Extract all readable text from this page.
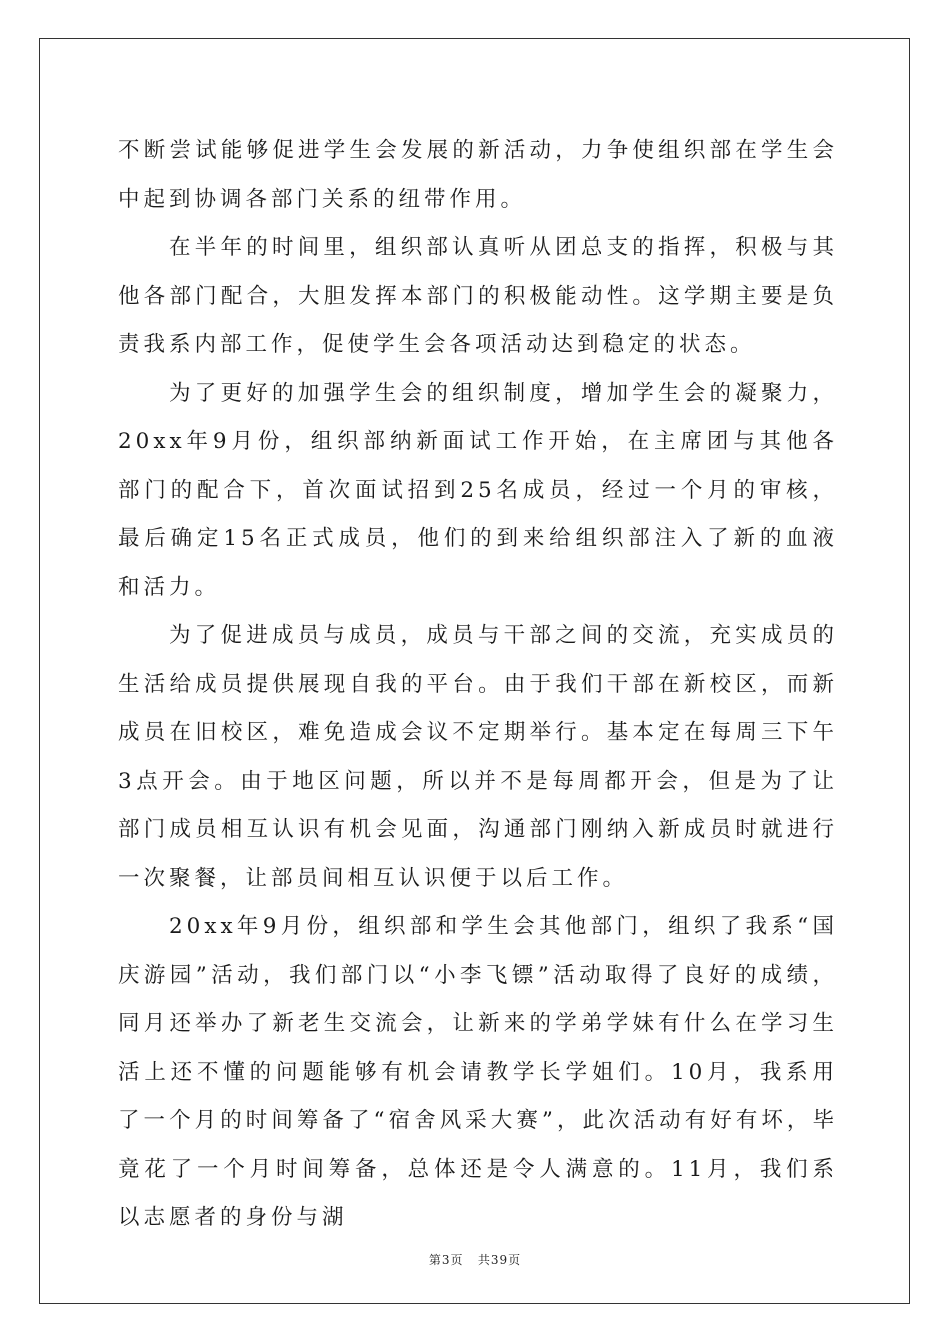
不断尝试能够促进学生会发展的新活动，力争使组织部在学生会中起到协调各部门关系的纽带作用。

在半年的时间里，组织部认真听从团总支的指挥，积极与其他各部门配合，大胆发挥本部门的积极能动性。这学期主要是负责我系内部工作，促使学生会各项活动达到稳定的状态。

为了更好的加强学生会的组织制度，增加学生会的凝聚力，20xx年9月份，组织部纳新面试工作开始，在主席团与其他各部门的配合下，首次面试招到25名成员，经过一个月的审核，最后确定15名正式成员，他们的到来给组织部注入了新的血液和活力。

为了促进成员与成员，成员与干部之间的交流，充实成员的生活给成员提供展现自我的平台。由于我们干部在新校区，而新成员在旧校区，难免造成会议不定期举行。基本定在每周三下午3点开会。由于地区问题，所以并不是每周都开会，但是为了让部门成员相互认识有机会见面，沟通部门刚纳入新成员时就进行一次聚餐，让部员间相互认识便于以后工作。

20xx年9月份，组织部和学生会其他部门，组织了我系“国庆游园”活动，我们部门以“小李飞镖”活动取得了良好的成绩，同月还举办了新老生交流会，让新来的学弟学妹有什么在学习生活上还不懂的问题能够有机会请教学长学姐们。10月，我系用了一个月的时间筹备了“宿舍风采大赛”，此次活动有好有坏，毕竟花了一个月时间筹备，总体还是令人满意的。11月，我们系以志愿者的身份与湖

第3页 共39页
